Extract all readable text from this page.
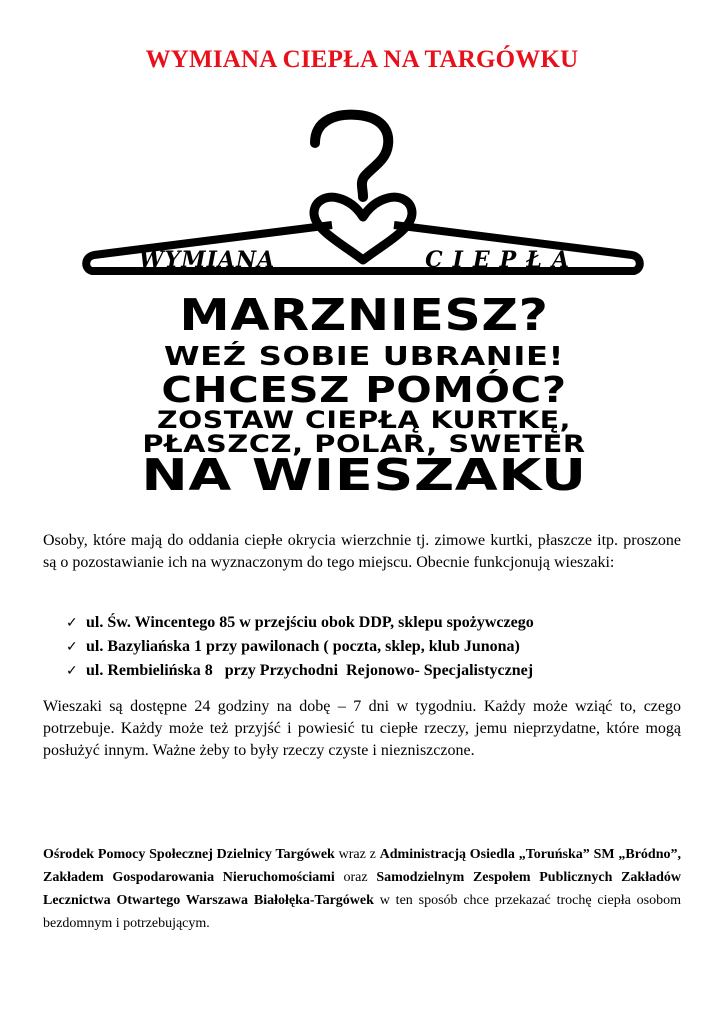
WYMIANA CIEPŁA NA TARGÓWKU
WYMIANA	CIEPŁA
MARZNIESZ?
WEŹ SOBIE UBRANIE!
CHCESZ POMÓC?
ZOSTAW CIEPŁĄ KURTKĘ,
PŁASZCZ, POLAR, SWETER
NA WIESZAKU

Osoby, które mają do oddania ciepłe okrycia wierzchnie tj. zimowe kurtki, płaszcze itp. proszone są o pozostawianie ich na wyznaczonym do tego miejscu. Obecnie funkcjonują wieszaki:

✓ ul. Św. Wincentego 85 w przejściu obok DDP, sklepu spożywczego
✓ ul. Bazyliańska 1 przy pawilonach ( poczta, sklep, klub Junona)
✓ ul. Rembielińska 8   przy Przychodni  Rejonowo- Specjalistycznej

Wieszaki są dostępne 24 godziny na dobę – 7 dni w tygodniu. Każdy może wziąć to, czego potrzebuje. Każdy może też przyjść i powiesić tu ciepłe rzeczy, jemu nieprzydatne, które mogą posłużyć innym. Ważne żeby to były rzeczy czyste i niezniszczone.

Ośrodek Pomocy Społecznej Dzielnicy Targówek wraz z Administracją Osiedla „Toruńska” SM „Bródno”, Zakładem Gospodarowania Nieruchomościami oraz Samodzielnym Zespołem Publicznych Zakładów Lecznictwa Otwartego Warszawa Białołęka-Targówek w ten sposób chce przekazać trochę ciepła osobom bezdomnym i potrzebującym.
